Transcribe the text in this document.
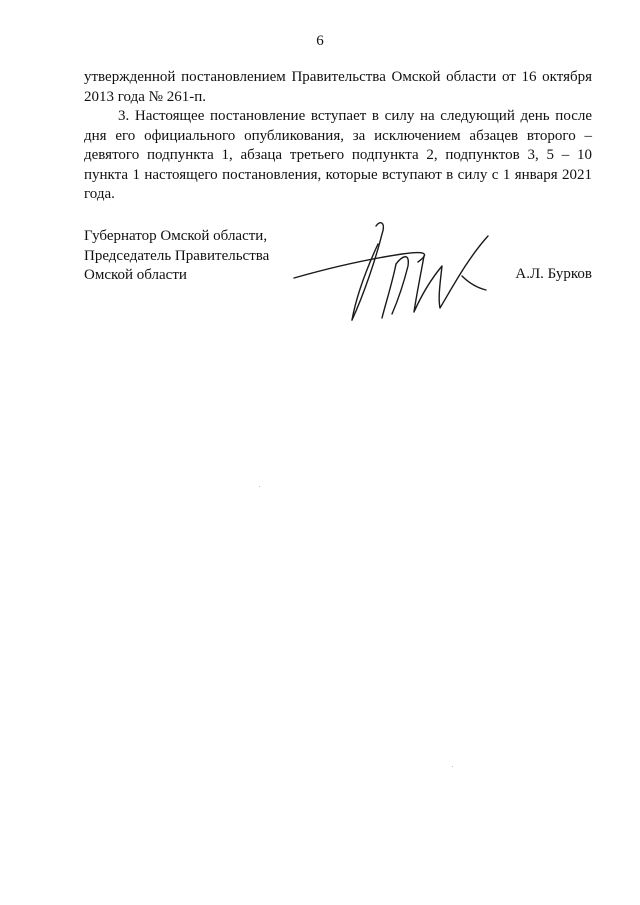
6

утвержденной постановлением Правительства Омской области от 16 октября 2013 года № 261-п.

3. Настоящее постановление вступает в силу на следующий день после дня его официального опубликования, за исключением абзацев второго – девятого подпункта 1, абзаца третьего подпункта 2, подпунктов 3, 5 – 10 пункта 1 настоящего постановления, которые вступают в силу с 1 января 2021 года.

Губернатор Омской области,
Председатель Правительства
Омской области	А.Л. Бурков
